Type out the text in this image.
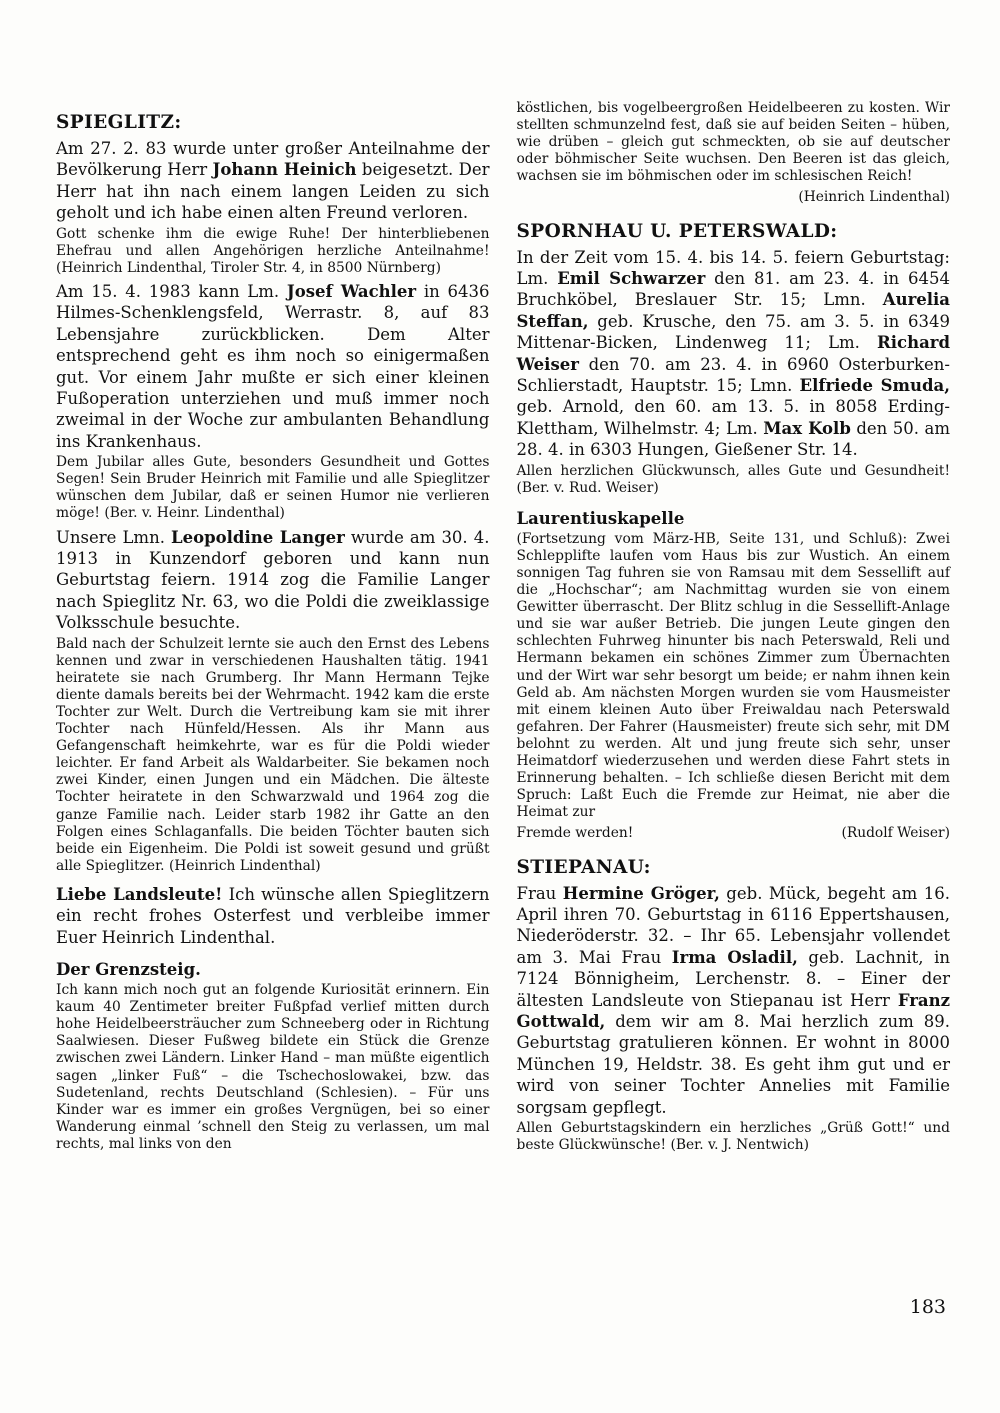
SPIEGLITZ:
Am 27. 2. 83 wurde unter großer Anteilnahme der Bevölkerung Herr Johann Heinich beigesetzt. Der Herr hat ihn nach einem langen Leiden zu sich geholt und ich habe einen alten Freund verloren.
Gott schenke ihm die ewige Ruhe! Der hinterbliebenen Ehefrau und allen Angehörigen herzliche Anteilnahme! (Heinrich Lindenthal, Tiroler Str. 4, in 8500 Nürnberg)
Am 15. 4. 1983 kann Lm. Josef Wachler in 6436 Hilmes-Schenklengsfeld, Werrastr. 8, auf 83 Lebensjahre zurückblicken. Dem Alter entsprechend geht es ihm noch so einigermaßen gut. Vor einem Jahr mußte er sich einer kleinen Fußoperation unterziehen und muß immer noch zweimal in der Woche zur ambulanten Behandlung ins Krankenhaus.
Dem Jubilar alles Gute, besonders Gesundheit und Gottes Segen! Sein Bruder Heinrich mit Familie und alle Spieglitzer wünschen dem Jubilar, daß er seinen Humor nie verlieren möge! (Ber. v. Heinr. Lindenthal)
Unsere Lmn. Leopoldine Langer wurde am 30. 4. 1913 in Kunzendorf geboren und kann nun Geburtstag feiern. 1914 zog die Familie Langer nach Spieglitz Nr. 63, wo die Poldi die zweiklassige Volksschule besuchte.
Bald nach der Schulzeit lernte sie auch den Ernst des Lebens kennen und zwar in verschiedenen Haushalten tätig. 1941 heiratete sie nach Grumberg. Ihr Mann Hermann Tejke diente damals bereits bei der Wehrmacht. 1942 kam die erste Tochter zur Welt. Durch die Vertreibung kam sie mit ihrer Tochter nach Hünfeld/Hessen. Als ihr Mann aus Gefangenschaft heimkehrte, war es für die Poldi wieder leichter. Er fand Arbeit als Waldarbeiter. Sie bekamen noch zwei Kinder, einen Jungen und ein Mädchen. Die älteste Tochter heiratete in den Schwarzwald und 1964 zog die ganze Familie nach. Leider starb 1982 ihr Gatte an den Folgen eines Schlaganfalls. Die beiden Töchter bauten sich beide ein Eigenheim. Die Poldi ist soweit gesund und grüßt alle Spieglitzer. (Heinrich Lindenthal)
Liebe Landsleute! Ich wünsche allen Spieglitzern ein recht frohes Osterfest und verbleibe immer Euer Heinrich Lindenthal.
Der Grenzsteig.
Ich kann mich noch gut an folgende Kuriosität erinnern. Ein kaum 40 Zentimeter breiter Fußpfad verlief mitten durch hohe Heidelbeersträucher zum Schneeberg oder in Richtung Saalwiesen. Dieser Fußweg bildete ein Stück die Grenze zwischen zwei Ländern. Linker Hand – man müßte eigentlich sagen „linker Fuß“ – die Tschechoslowakei, bzw. das Sudetenland, rechts Deutschland (Schlesien). – Für uns Kinder war es immer ein großes Vergnügen, bei so einer Wanderung einmal ’schnell den Steig zu verlassen, um mal rechts, mal links von den
köstlichen, bis vogelbeergroßen Heidelbeeren zu kosten. Wir stellten schmunzelnd fest, daß sie auf beiden Seiten – hüben, wie drüben – gleich gut schmeckten, ob sie auf deutscher oder böhmischer Seite wuchsen. Den Beeren ist das gleich, wachsen sie im böhmischen oder im schlesischen Reich!
(Heinrich Lindenthal)
SPORNHAU U. PETERSWALD:
In der Zeit vom 15. 4. bis 14. 5. feiern Geburtstag: Lm. Emil Schwarzer den 81. am 23. 4. in 6454 Bruchköbel, Breslauer Str. 15; Lmn. Aurelia Steffan, geb. Krusche, den 75. am 3. 5. in 6349 Mittenar-Bicken, Lindenweg 11; Lm. Richard Weiser den 70. am 23. 4. in 6960 Osterburken-Schlierstadt, Hauptstr. 15; Lmn. Elfriede Smuda, geb. Arnold, den 60. am 13. 5. in 8058 Erding-Klettham, Wilhelmstr. 4; Lm. Max Kolb den 50. am 28. 4. in 6303 Hungen, Gießener Str. 14.
Allen herzlichen Glückwunsch, alles Gute und Gesundheit! (Ber. v. Rud. Weiser)
Laurentiuskapelle
(Fortsetzung vom März-HB, Seite 131, und Schluß): Zwei Schlepplifte laufen vom Haus bis zur Wustich. An einem sonnigen Tag fuhren sie von Ramsau mit dem Sessellift auf die „Hochschar“; am Nachmittag wurden sie von einem Gewitter überrascht. Der Blitz schlug in die Sessellift-Anlage und sie war außer Betrieb. Die jungen Leute gingen den schlechten Fuhrweg hinunter bis nach Peterswald, Reli und Hermann bekamen ein schönes Zimmer zum Übernachten und der Wirt war sehr besorgt um beide; er nahm ihnen kein Geld ab. Am nächsten Morgen wurden sie vom Hausmeister mit einem kleinen Auto über Freiwaldau nach Peterswald gefahren. Der Fahrer (Hausmeister) freute sich sehr, mit DM belohnt zu werden. Alt und jung freute sich sehr, unser Heimatdorf wiederzusehen und werden diese Fahrt stets in Erinnerung behalten. – Ich schließe diesen Bericht mit dem Spruch: Laßt Euch die Fremde zur Heimat, nie aber die Heimat zur
Fremde werden!	(Rudolf Weiser)
STIEPANAU:
Frau Hermine Gröger, geb. Mück, begeht am 16. April ihren 70. Geburtstag in 6116 Eppertshausen, Niederöderstr. 32. – Ihr 65. Lebensjahr vollendet am 3. Mai Frau Irma Osladil, geb. Lachnit, in 7124 Bönnigheim, Lerchenstr. 8. – Einer der ältesten Landsleute von Stiepanau ist Herr Franz Gottwald, dem wir am 8. Mai herzlich zum 89. Geburtstag gratulieren können. Er wohnt in 8000 München 19, Heldstr. 38. Es geht ihm gut und er wird von seiner Tochter Annelies mit Familie sorgsam gepflegt.
Allen Geburtstagskindern ein herzliches „Grüß Gott!“ und beste Glückwünsche! (Ber. v. J. Nentwich)
183
